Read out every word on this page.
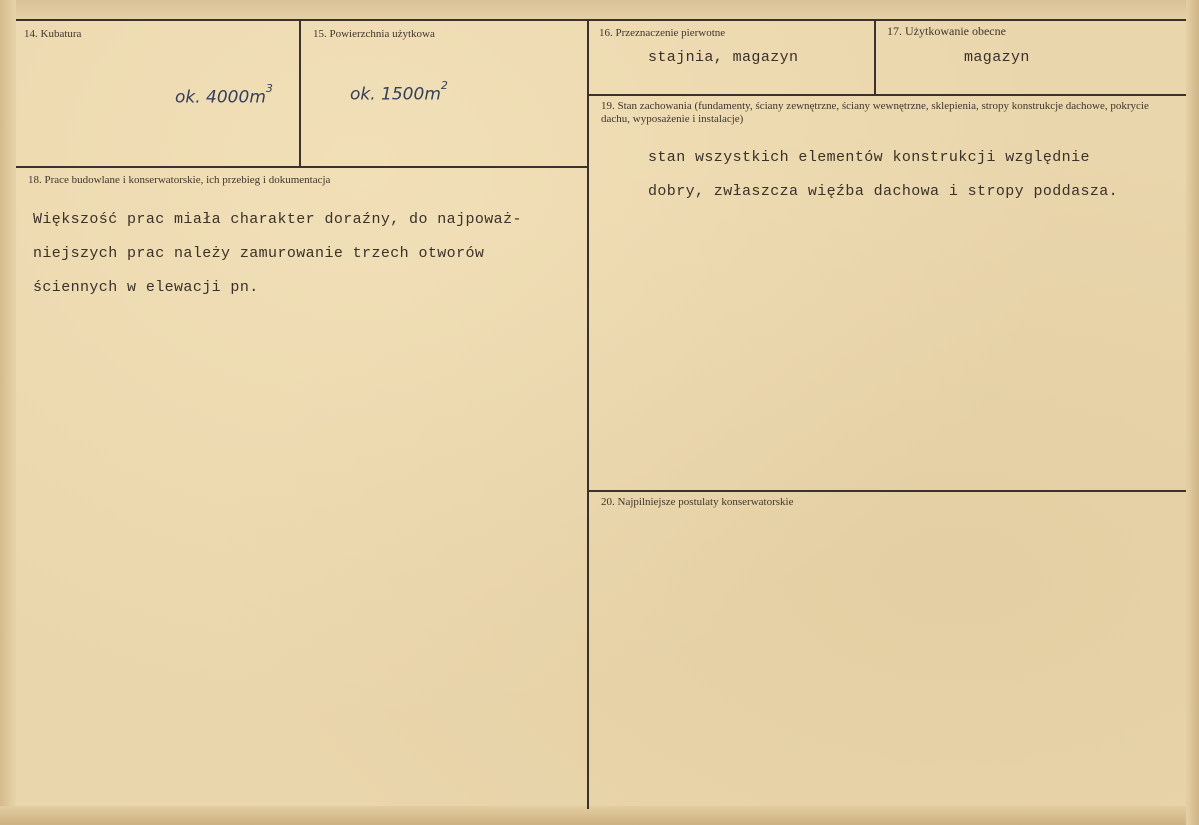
14. Kubatura
ok. $4000m^3$
15. Powierzchnia użytkowa
ok. $1500m^2$
16. Przeznaczenie pierwotne
stajnia, magazyn
17. Użytkowanie obecne
magazyn
18. Prace budowlane i konserwatorskie, ich przebieg i dokumentacja
Większość prac miała charakter doraźny, do najpoważ-
niejszych prac należy zamurowanie trzech otworów
ściennych w elewacji pn.
19. Stan zachowania (fundamenty, ściany zewnętrzne, ściany wewnętrzne, sklepienia, stropy konstrukcje dachowe, pokrycie dachu, wyposażenie i instalacje)
stan wszystkich elementów konstrukcji względnie
dobry, zwłaszcza więźba dachowa i stropy poddasza.
20. Najpilniejsze postulaty konserwatorskie
